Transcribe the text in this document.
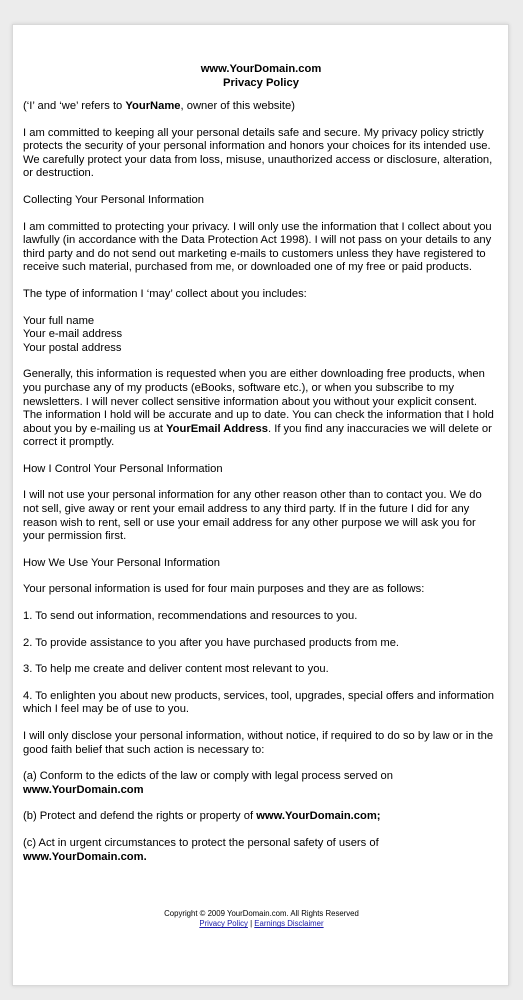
www.YourDomain.com
Privacy Policy

(‘I’ and ‘we’ refers to YourName, owner of this website)

I am committed to keeping all your personal details safe and secure. My privacy policy strictly protects the security of your personal information and honors your choices for its intended use. We carefully protect your data from loss, misuse, unauthorized access or disclosure, alteration, or destruction.

Collecting Your Personal Information

I am committed to protecting your privacy. I will only use the information that I collect about you lawfully (in accordance with the Data Protection Act 1998). I will not pass on your details to any third party and do not send out marketing e-mails to customers unless they have registered to receive such material, purchased from me, or downloaded one of my free or paid products.

The type of information I ‘may’ collect about you includes:

Your full name
Your e-mail address
Your postal address

Generally, this information is requested when you are either downloading free products, when you purchase any of my products (eBooks, software etc.), or when you subscribe to my newsletters. I will never collect sensitive information about you without your explicit consent. The information I hold will be accurate and up to date. You can check the information that I hold about you by e-mailing us at YourEmail Address. If you find any inaccuracies we will delete or correct it promptly.

How I Control Your Personal Information

I will not use your personal information for any other reason other than to contact you. We do not sell, give away or rent your email address to any third party. If in the future I did for any reason wish to rent, sell or use your email address for any other purpose we will ask you for your permission first.

How We Use Your Personal Information

Your personal information is used for four main purposes and they are as follows:

1. To send out information, recommendations and resources to you.

2. To provide assistance to you after you have purchased products from me.

3. To help me create and deliver content most relevant to you.

4. To enlighten you about new products, services, tool, upgrades, special offers and information which I feel may be of use to you.

I will only disclose your personal information, without notice, if required to do so by law or in the good faith belief that such action is necessary to:

(a) Conform to the edicts of the law or comply with legal process served on www.YourDomain.com

(b) Protect and defend the rights or property of www.YourDomain.com;

(c) Act in urgent circumstances to protect the personal safety of users of www.YourDomain.com.

Copyright © 2009 YourDomain.com. All Rights Reserved
Privacy Policy | Earnings Disclaimer
